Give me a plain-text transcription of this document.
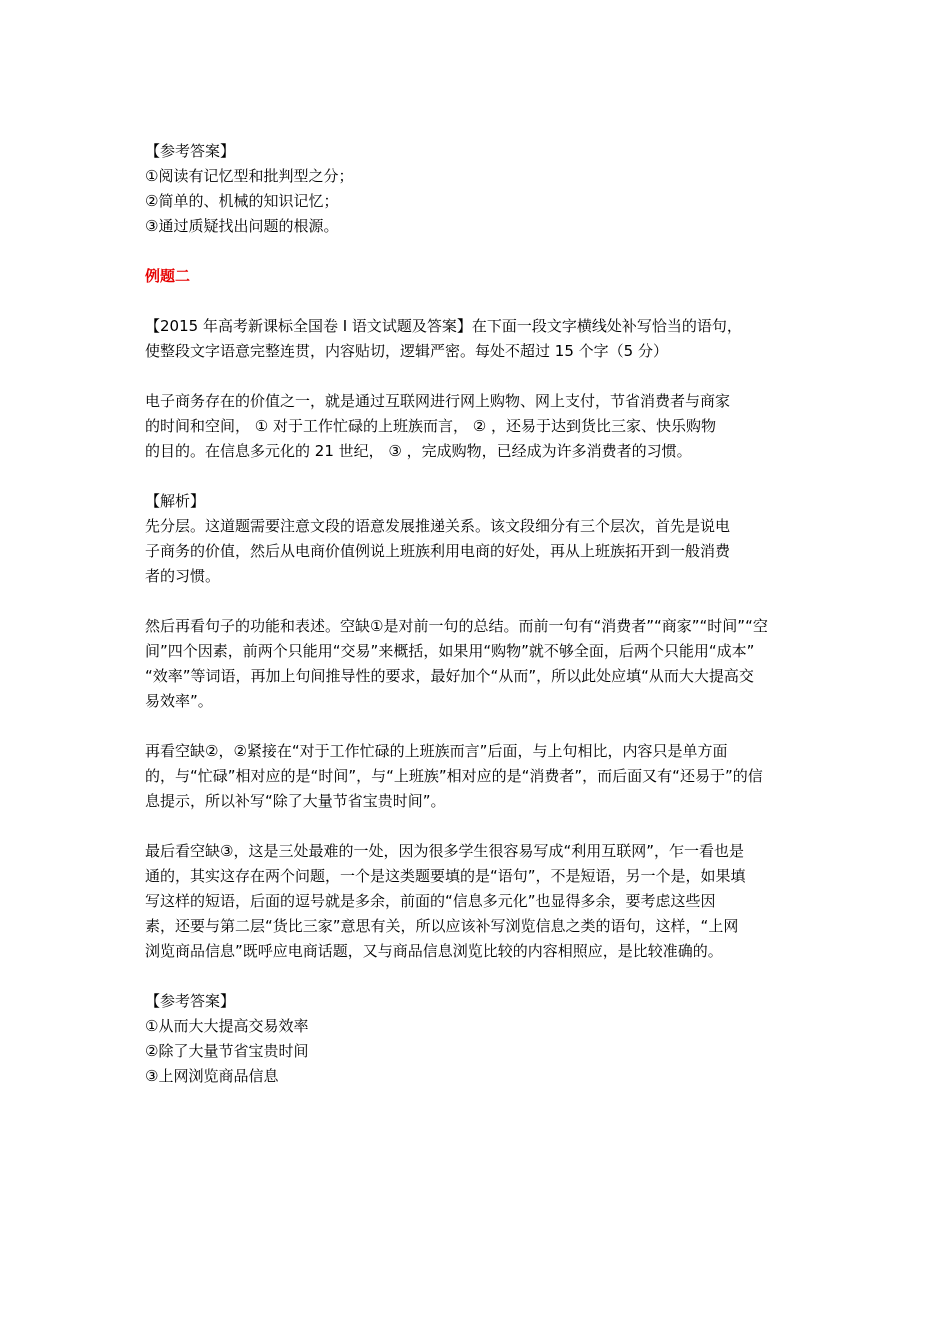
【参考答案】
①阅读有记忆型和批判型之分；
②简单的、机械的知识记忆；
③通过质疑找出问题的根源。
例题二
【2015 年高考新课标全国卷 I 语文试题及答案】在下面一段文字横线处补写恰当的语句，
使整段文字语意完整连贯，内容贴切，逻辑严密。每处不超过 15 个字（5 分）
电子商务存在的价值之一，就是通过互联网进行网上购物、网上支付，节省消费者与商家
的时间和空间， ① 对于工作忙碌的上班族而言， ② ，还易于达到货比三家、快乐购物
的目的。在信息多元化的 21 世纪， ③ ，完成购物，已经成为许多消费者的习惯。
【解析】
先分层。这道题需要注意文段的语意发展推递关系。该文段细分有三个层次，首先是说电
子商务的价值，然后从电商价值例说上班族利用电商的好处，再从上班族拓开到一般消费
者的习惯。
然后再看句子的功能和表述。空缺①是对前一句的总结。而前一句有“消费者”“商家”“时间”“空
间”四个因素，前两个只能用“交易”来概括，如果用“购物”就不够全面，后两个只能用“成本”
“效率”等词语，再加上句间推导性的要求，最好加个“从而”，所以此处应填“从而大大提高交
易效率”。
再看空缺②，②紧接在“对于工作忙碌的上班族而言”后面，与上句相比，内容只是单方面
的，与“忙碌”相对应的是“时间”，与“上班族”相对应的是“消费者”，而后面又有“还易于”的信
息提示，所以补写“除了大量节省宝贵时间”。
最后看空缺③，这是三处最难的一处，因为很多学生很容易写成“利用互联网”，乍一看也是
通的，其实这存在两个问题，一个是这类题要填的是“语句”，不是短语，另一个是，如果填
写这样的短语，后面的逗号就是多余，前面的“信息多元化”也显得多余，要考虑这些因
素，还要与第二层“货比三家”意思有关，所以应该补写浏览信息之类的语句，这样，“上网
浏览商品信息”既呼应电商话题，又与商品信息浏览比较的内容相照应，是比较准确的。
【参考答案】
①从而大大提高交易效率
②除了大量节省宝贵时间
③上网浏览商品信息
